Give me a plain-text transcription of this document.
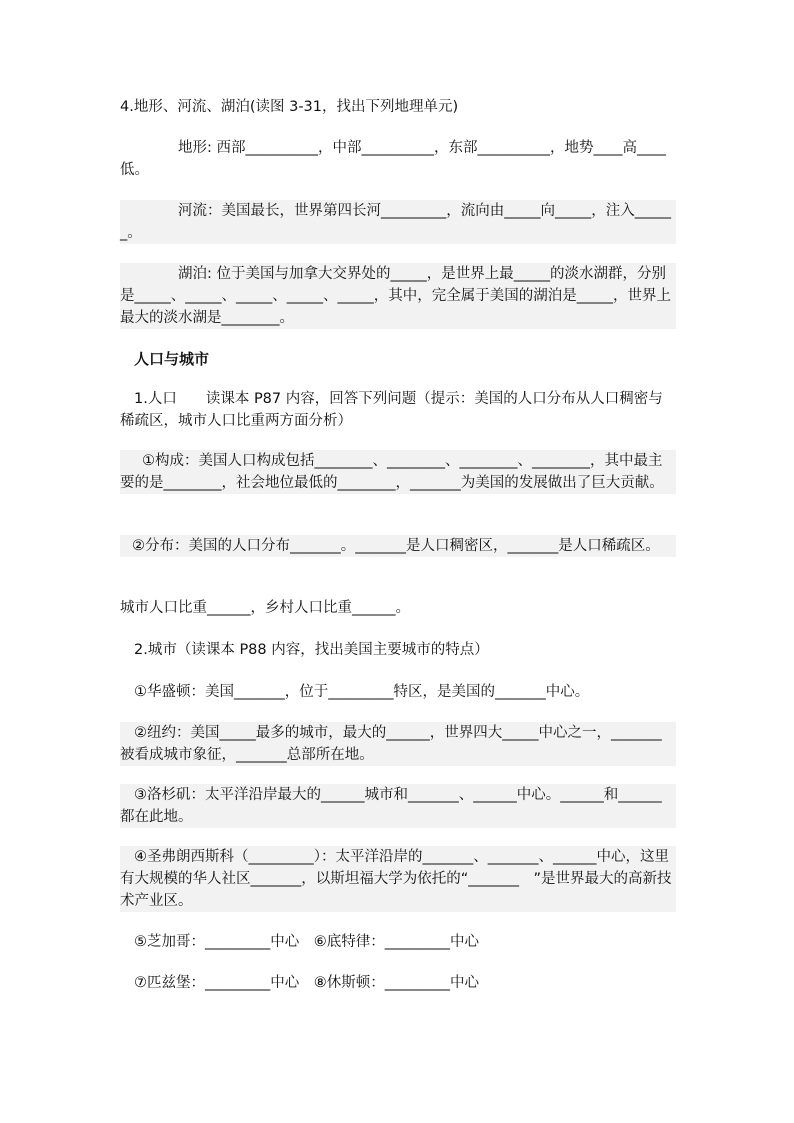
4.地形、河流、湖泊(读图 3-31，找出下列地理单元)

地形: 西部__________，中部__________，东部__________，地势____高____低。

河流：美国最长，世界第四长河_________，流向由_____向_____，注入______。

湖泊: 位于美国与加拿大交界处的_____，是世界上最_____的淡水湖群，分别是_____、_____、_____、_____、_____，其中，完全属于美国的湖泊是_____，世界上最大的淡水湖是________。

人口与城市

1.人口　　读课本 P87 内容，回答下列问题（提示：美国的人口分布从人口稠密与稀疏区，城市人口比重两方面分析）

①构成：美国人口构成包括________、________、________、________，其中最主要的是________，社会地位最低的________，_______为美国的发展做出了巨大贡献。

②分布：美国的人口分布_______。_______是人口稠密区，_______是人口稀疏区。

城市人口比重______，乡村人口比重______。

2.城市（读课本 P88 内容，找出美国主要城市的特点）

①华盛顿：美国_______，位于_________特区，是美国的_______中心。

②纽约：美国_____最多的城市，最大的______，世界四大_____中心之一，_______被看成城市象征，_______总部所在地。

③洛杉矶：太平洋沿岸最大的______城市和_______、______中心。______和______都在此地。

④圣弗朗西斯科（_________）：太平洋沿岸的_______、_______、______中心，这里有大规模的华人社区_______，以斯坦福大学为依托的“_______　”是世界最大的高新技术产业区。

⑤芝加哥：_________中心　⑥底特律：_________中心

⑦匹兹堡：_________中心　⑧休斯顿：_________中心
